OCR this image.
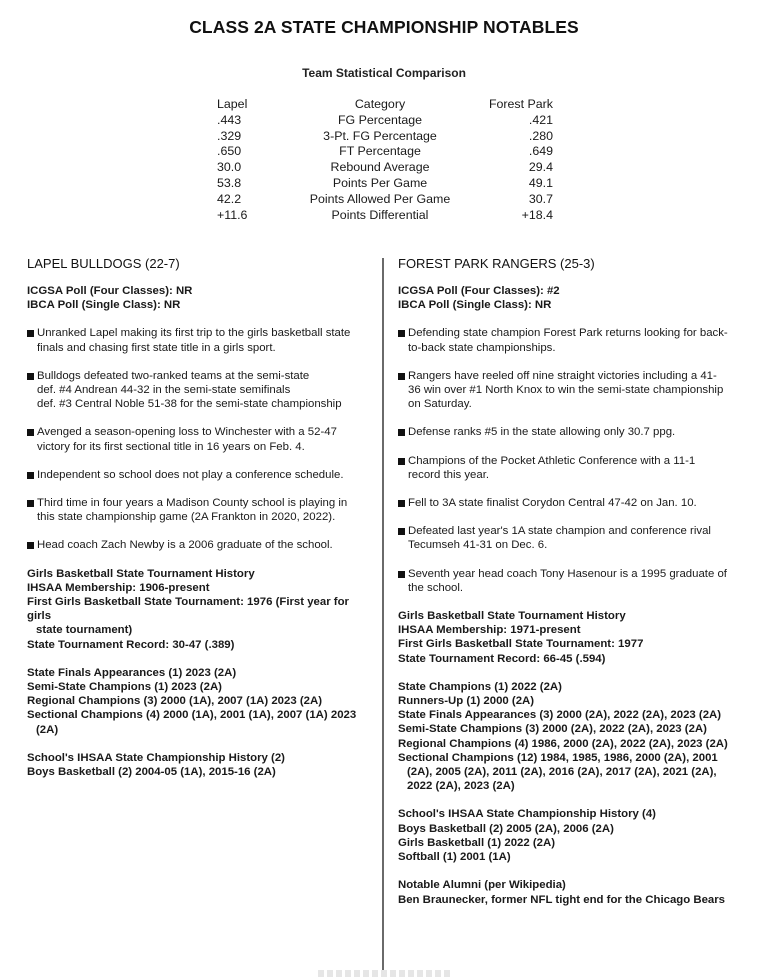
CLASS 2A STATE CHAMPIONSHIP NOTABLES
Team Statistical Comparison
Lapel	Category	Forest Park
.443	FG Percentage	.421
.329	3-Pt. FG Percentage	.280
.650	FT Percentage	.649
30.0	Rebound Average	29.4
53.8	Points Per Game	49.1
42.2	Points Allowed Per Game	30.7
+11.6	Points Differential	+18.4
LAPEL BULLDOGS (22-7)
ICGSA Poll (Four Classes): NR
IBCA Poll (Single Class): NR
Unranked Lapel making its first trip to the girls basketball state
finals and chasing first state title in a girls sport.
Bulldogs defeated two-ranked teams at the semi-state
def. #4 Andrean 44-32 in the semi-state semifinals
def. #3 Central Noble 51-38 for the semi-state championship
Avenged a season-opening loss to Winchester with a 52-47
victory for its first sectional title in 16 years on Feb. 4.
Independent so school does not play a conference schedule.
Third time in four years a Madison County school is playing in
this state championship game (2A Frankton in 2020, 2022).
Head coach Zach Newby is a 2006 graduate of the school.
Girls Basketball State Tournament History
IHSAA Membership: 1906-present
First Girls Basketball State Tournament: 1976 (First year for girls
state tournament)
State Tournament Record: 30-47 (.389)
State Finals Appearances (1) 2023 (2A)
Semi-State Champions (1) 2023 (2A)
Regional Champions (3) 2000 (1A), 2007 (1A) 2023 (2A)
Sectional Champions (4) 2000 (1A), 2001 (1A), 2007 (1A) 2023
(2A)
School's IHSAA State Championship History (2)
Boys Basketball (2) 2004-05 (1A), 2015-16 (2A)
FOREST PARK RANGERS (25-3)
ICGSA Poll (Four Classes): #2
IBCA Poll (Single Class): NR
Defending state champion Forest Park returns looking for back-
to-back state championships.
Rangers have reeled off nine straight victories including a 41-
36 win over #1 North Knox to win the semi-state championship
on Saturday.
Defense ranks #5 in the state allowing only 30.7 ppg.
Champions of the Pocket Athletic Conference with a 11-1
record this year.
Fell to 3A state finalist Corydon Central 47-42 on Jan. 10.
Defeated last year's 1A state champion and conference rival
Tecumseh 41-31 on Dec. 6.
Seventh year head coach Tony Hasenour is a 1995 graduate of
the school.
Girls Basketball State Tournament History
IHSAA Membership: 1971-present
First Girls Basketball State Tournament: 1977
State Tournament Record: 66-45 (.594)
State Champions (1) 2022 (2A)
Runners-Up (1) 2000 (2A)
State Finals Appearances (3) 2000 (2A), 2022 (2A), 2023 (2A)
Semi-State Champions (3) 2000 (2A), 2022 (2A), 2023 (2A)
Regional Champions (4) 1986, 2000 (2A), 2022 (2A), 2023 (2A)
Sectional Champions (12) 1984, 1985, 1986, 2000 (2A), 2001
(2A), 2005 (2A), 2011 (2A), 2016 (2A), 2017 (2A), 2021 (2A),
2022 (2A), 2023 (2A)
School's IHSAA State Championship History (4)
Boys Basketball (2) 2005 (2A), 2006 (2A)
Girls Basketball (1) 2022 (2A)
Softball (1) 2001 (1A)
Notable Alumni (per Wikipedia)
Ben Braunecker, former NFL tight end for the Chicago Bears
